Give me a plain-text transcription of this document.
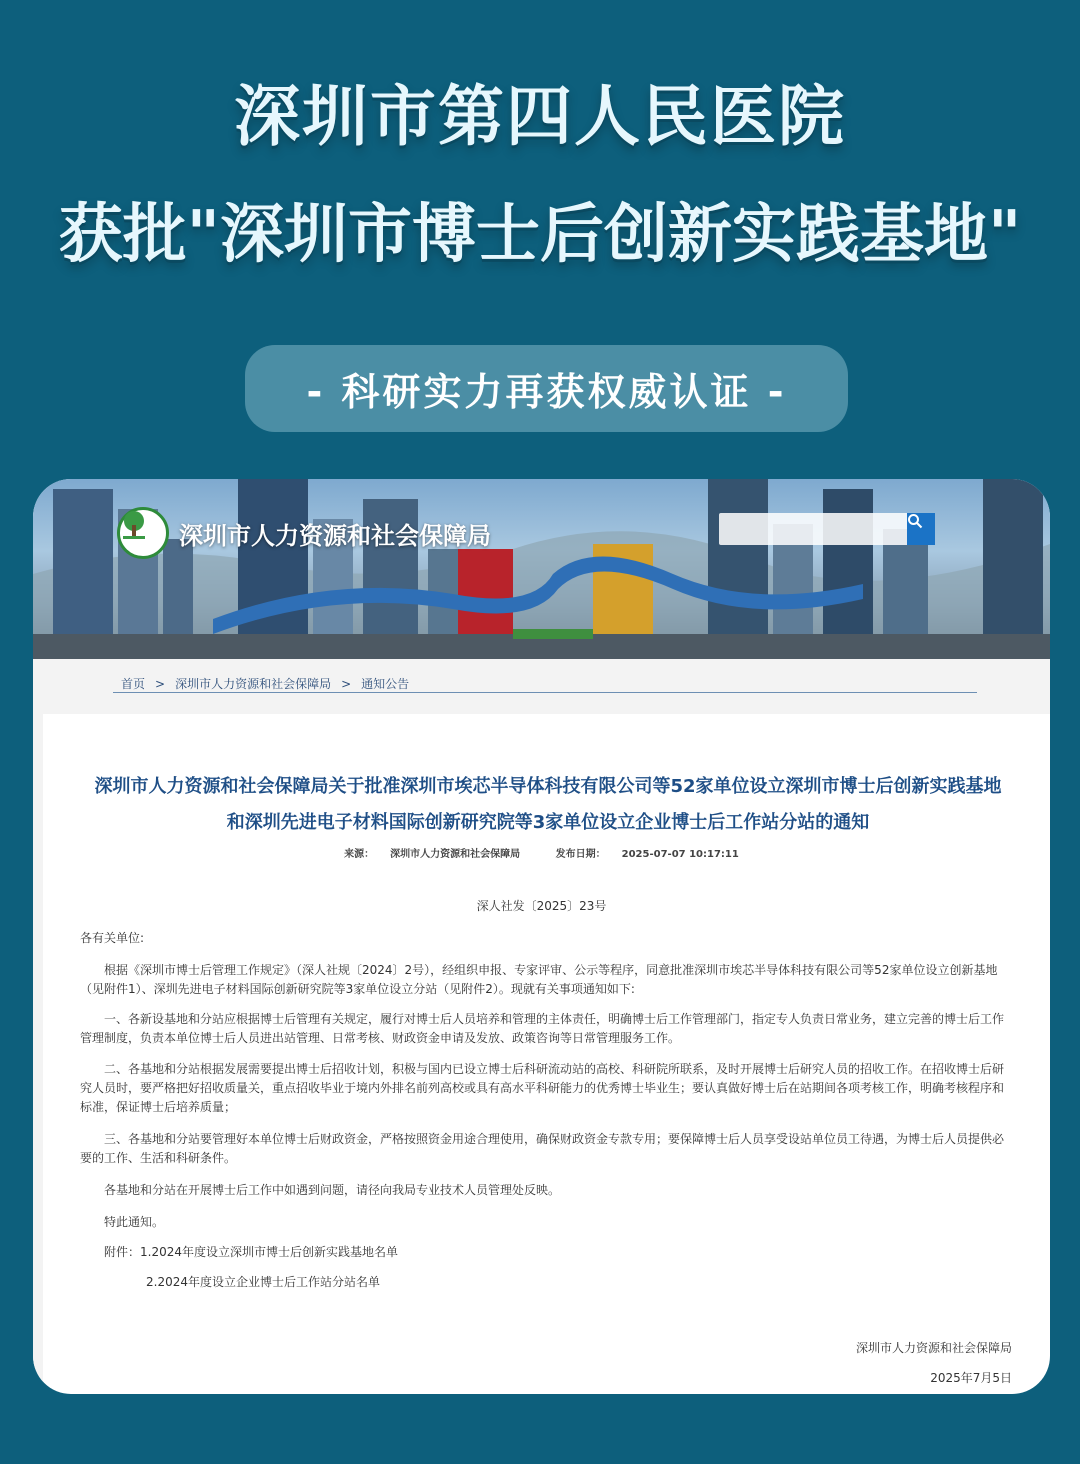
深圳市第四人民医院
获批"深圳市博士后创新实践基地"
- 科研实力再获权威认证 -
深圳市人力资源和社会保障局
首页 > 深圳市人力资源和社会保障局 > 通知公告
深圳市人力资源和社会保障局关于批准深圳市埃芯半导体科技有限公司等52家单位设立深圳市博士后创新实践基地和深圳先进电子材料国际创新研究院等3家单位设立企业博士后工作站分站的通知
来源： 深圳市人力资源和社会保障局	发布日期： 2025-07-07 10:17:11
深人社发〔2025〕23号
各有关单位:
根据《深圳市博士后管理工作规定》（深人社规〔2024〕2号），经组织申报、专家评审、公示等程序，同意批准深圳市埃芯半导体科技有限公司等52家单位设立创新基地（见附件1）、深圳先进电子材料国际创新研究院等3家单位设立分站（见附件2）。现就有关事项通知如下:
一、各新设基地和分站应根据博士后管理有关规定，履行对博士后人员培养和管理的主体责任，明确博士后工作管理部门，指定专人负责日常业务，建立完善的博士后工作管理制度，负责本单位博士后人员进出站管理、日常考核、财政资金申请及发放、政策咨询等日常管理服务工作。
二、各基地和分站根据发展需要提出博士后招收计划，积极与国内已设立博士后科研流动站的高校、科研院所联系，及时开展博士后研究人员的招收工作。在招收博士后研究人员时，要严格把好招收质量关，重点招收毕业于境内外排名前列高校或具有高水平科研能力的优秀博士毕业生；要认真做好博士后在站期间各项考核工作，明确考核程序和标准，保证博士后培养质量；
三、各基地和分站要管理好本单位博士后财政资金，严格按照资金用途合理使用，确保财政资金专款专用；要保障博士后人员享受设站单位员工待遇，为博士后人员提供必要的工作、生活和科研条件。
各基地和分站在开展博士后工作中如遇到问题，请径向我局专业技术人员管理处反映。
特此通知。
附件：1.2024年度设立深圳市博士后创新实践基地名单
2.2024年度设立企业博士后工作站分站名单
深圳市人力资源和社会保障局
2025年7月5日
